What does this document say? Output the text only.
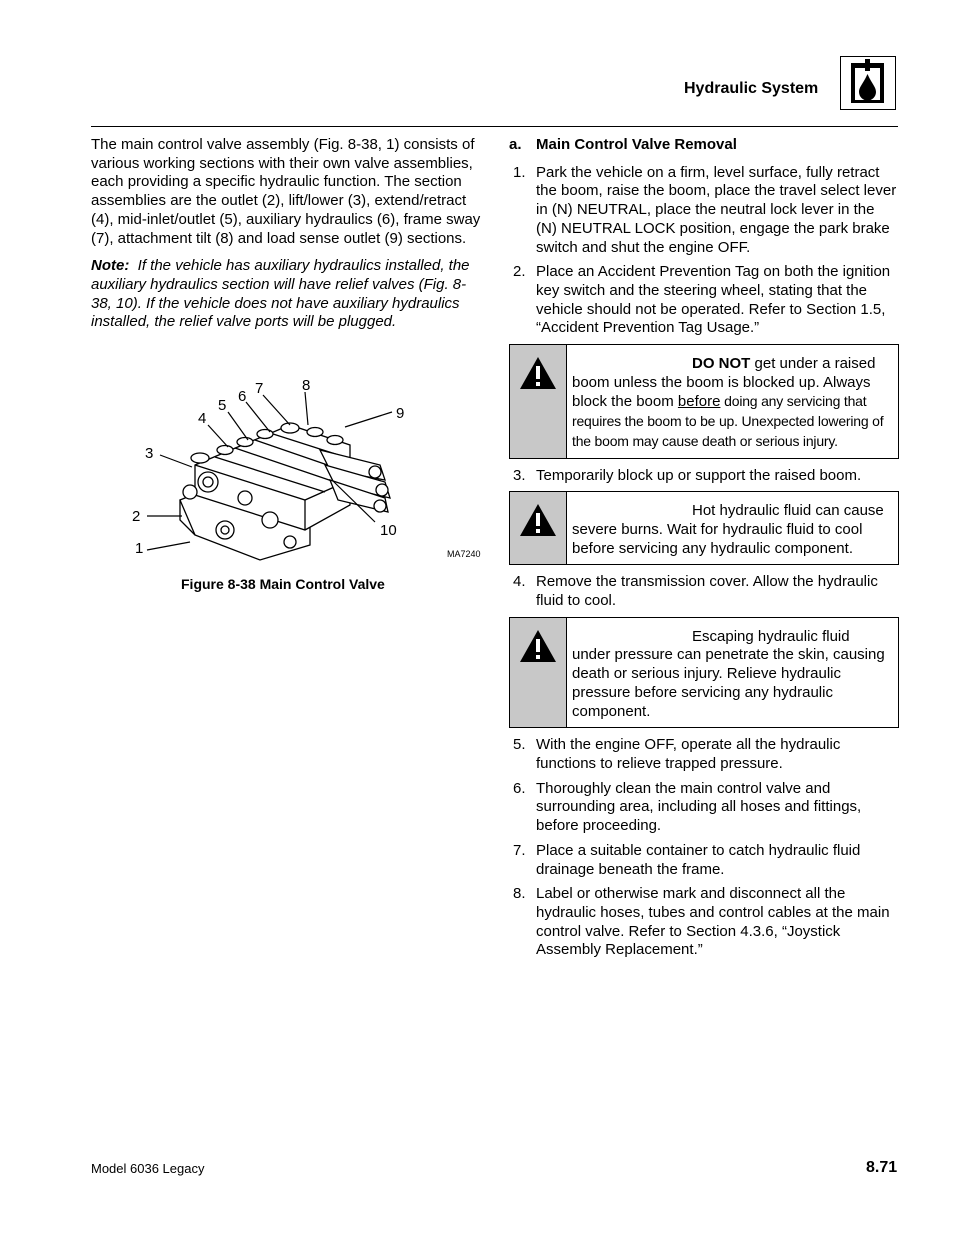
Hydraulic System

The main control valve assembly (Fig. 8-38, 1) consists of various working sections with their own valve assemblies, each providing a specific hydraulic function. The section assemblies are the outlet (2), lift/lower (3), extend/retract (4), mid-inlet/outlet (5), auxiliary hydraulics (6), frame sway (7), attachment tilt (8) and load sense outlet (9) sections.

Note: If the vehicle has auxiliary hydraulics installed, the auxiliary hydraulics section will have relief valves (Fig. 8-38, 10). If the vehicle does not have auxiliary hydraulics installed, the relief valve ports will be plugged.

1
2
3
4
5
6 7	8
9
10
MA7240
Figure 8-38 Main Control Valve
a. Main Control Valve Removal
1. Park the vehicle on a firm, level surface, fully retract the boom, raise the boom, place the travel select lever in (N) NEUTRAL, place the neutral lock lever in the (N) NEUTRAL LOCK position, engage the park brake switch and shut the engine OFF.
2. Place an Accident Prevention Tag on both the ignition key switch and the steering wheel, stating that the vehicle should not be operated. Refer to Section 1.5, “Accident Prevention Tag Usage.”
DO NOT get under a raised boom unless the boom is blocked up. Always block the boom before doing any servicing that requires the boom to be up. Unexpected lowering of the boom may cause death or serious injury.
3. Temporarily block up or support the raised boom.
Hot hydraulic fluid can cause severe burns. Wait for hydraulic fluid to cool before servicing any hydraulic component.
4. Remove the transmission cover. Allow the hydraulic fluid to cool.
Escaping hydraulic fluid under pressure can penetrate the skin, causing death or serious injury. Relieve hydraulic pressure before servicing any hydraulic component.
5. With the engine OFF, operate all the hydraulic functions to relieve trapped pressure.
6. Thoroughly clean the main control valve and surrounding area, including all hoses and fittings, before proceeding.
7. Place a suitable container to catch hydraulic fluid drainage beneath the frame.
8. Label or otherwise mark and disconnect all the hydraulic hoses, tubes and control cables at the main control valve. Refer to Section 4.3.6, “Joystick Assembly Replacement.”
Model 6036 Legacy	8.71
